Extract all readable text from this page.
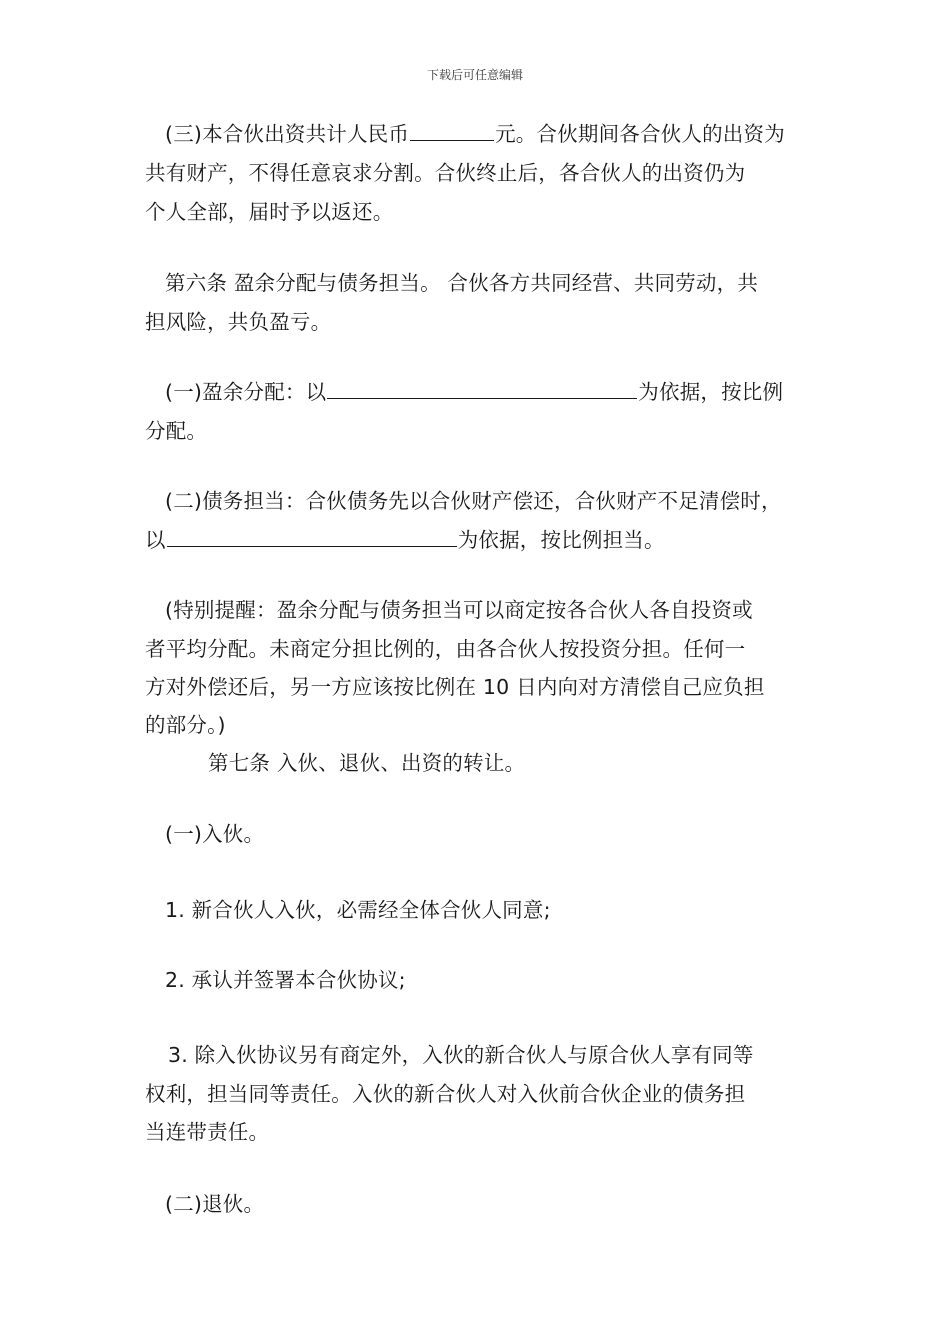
下载后可任意编辑
(三)本合伙出资共计人民币	元。合伙期间各合伙人的出资为
共有财产，不得任意哀求分割。合伙终止后，各合伙人的出资仍为
个人全部，届时予以返还。
第六条 盈余分配与债务担当。 合伙各方共同经营、共同劳动，共
担风险，共负盈亏。
(一)盈余分配：以	为依据，按比例
分配。
(二)债务担当：合伙债务先以合伙财产偿还，合伙财产不足清偿时，
以	为依据，按比例担当。
(特别提醒：盈余分配与债务担当可以商定按各合伙人各自投资或
者平均分配。未商定分担比例的，由各合伙人按投资分担。任何一
方对外偿还后，另一方应该按比例在 10 日内向对方清偿自己应负担
的部分。)
第七条 入伙、退伙、出资的转让。
(一)入伙。
1. 新合伙人入伙，必需经全体合伙人同意;
2. 承认并签署本合伙协议;
3. 除入伙协议另有商定外，入伙的新合伙人与原合伙人享有同等
权利，担当同等责任。入伙的新合伙人对入伙前合伙企业的债务担
当连带责任。
(二)退伙。
